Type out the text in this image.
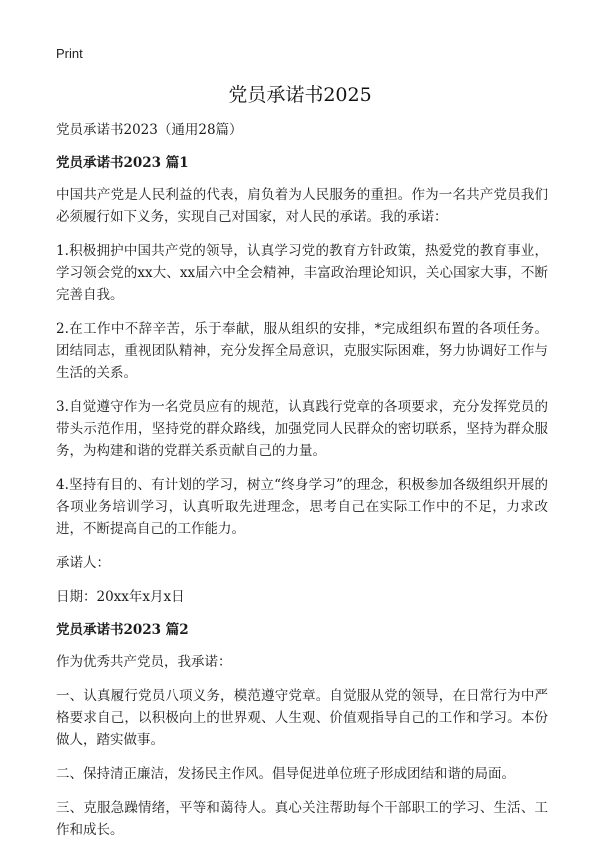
Print
党员承诺书2025
党员承诺书2023（通用28篇）
党员承诺书2023 篇1

中国共产党是人民利益的代表，肩负着为人民服务的重担。作为一名共产党员我们必须履行如下义务，实现自己对国家，对人民的承诺。我的承诺：

1.积极拥护中国共产党的领导，认真学习党的教育方针政策，热爱党的教育事业，学习领会党的xx大、xx届六中全会精神，丰富政治理论知识，关心国家大事，不断完善自我。

2.在工作中不辞辛苦，乐于奉献，服从组织的安排，*完成组织布置的各项任务。团结同志，重视团队精神，充分发挥全局意识，克服实际困难，努力协调好工作与生活的关系。

3.自觉遵守作为一名党员应有的规范，认真践行党章的各项要求，充分发挥党员的带头示范作用，坚持党的群众路线，加强党同人民群众的密切联系，坚持为群众服务，为构建和谐的党群关系贡献自己的力量。

4.坚持有目的、有计划的学习，树立“终身学习”的理念，积极参加各级组织开展的各项业务培训学习，认真听取先进理念，思考自己在实际工作中的不足，力求改进，不断提高自己的工作能力。

承诺人：

日期：20xx年x月x日

党员承诺书2023 篇2

作为优秀共产党员，我承诺：

一、认真履行党员八项义务，模范遵守党章。自觉服从党的领导，在日常行为中严格要求自己，以积极向上的世界观、人生观、价值观指导自己的工作和学习。本份做人，踏实做事。

二、保持清正廉洁，发扬民主作风。倡导促进单位班子形成团结和谐的局面。

三、克服急躁情绪，平等和蔼待人。真心关注帮助每个干部职工的学习、生活、工作和成长。
